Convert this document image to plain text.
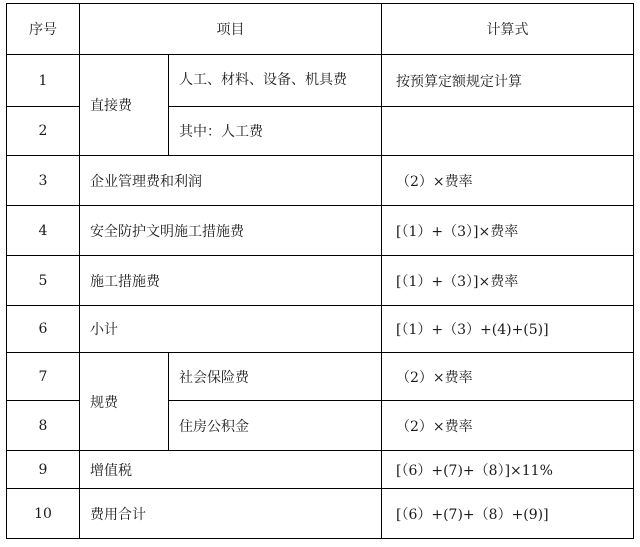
序号	项目		计算式
1	直接费	人工、材料、设备、机具费	按预算定额规定计算
2		其中：人工费	
3	企业管理费和利润		（2）×费率
4	安全防护文明施工措施费		[（1）+（3）]×费率
5	施工措施费		[（1）+（3）]×费率
6	小计		[（1）+（3）+(4)+(5)]
7	规费	社会保险费	（2）×费率
8		住房公积金	（2）×费率
9	增值税		[（6）+(7)+（8）]×11%
10	费用合计		[（6）+(7)+（8）+(9)]
